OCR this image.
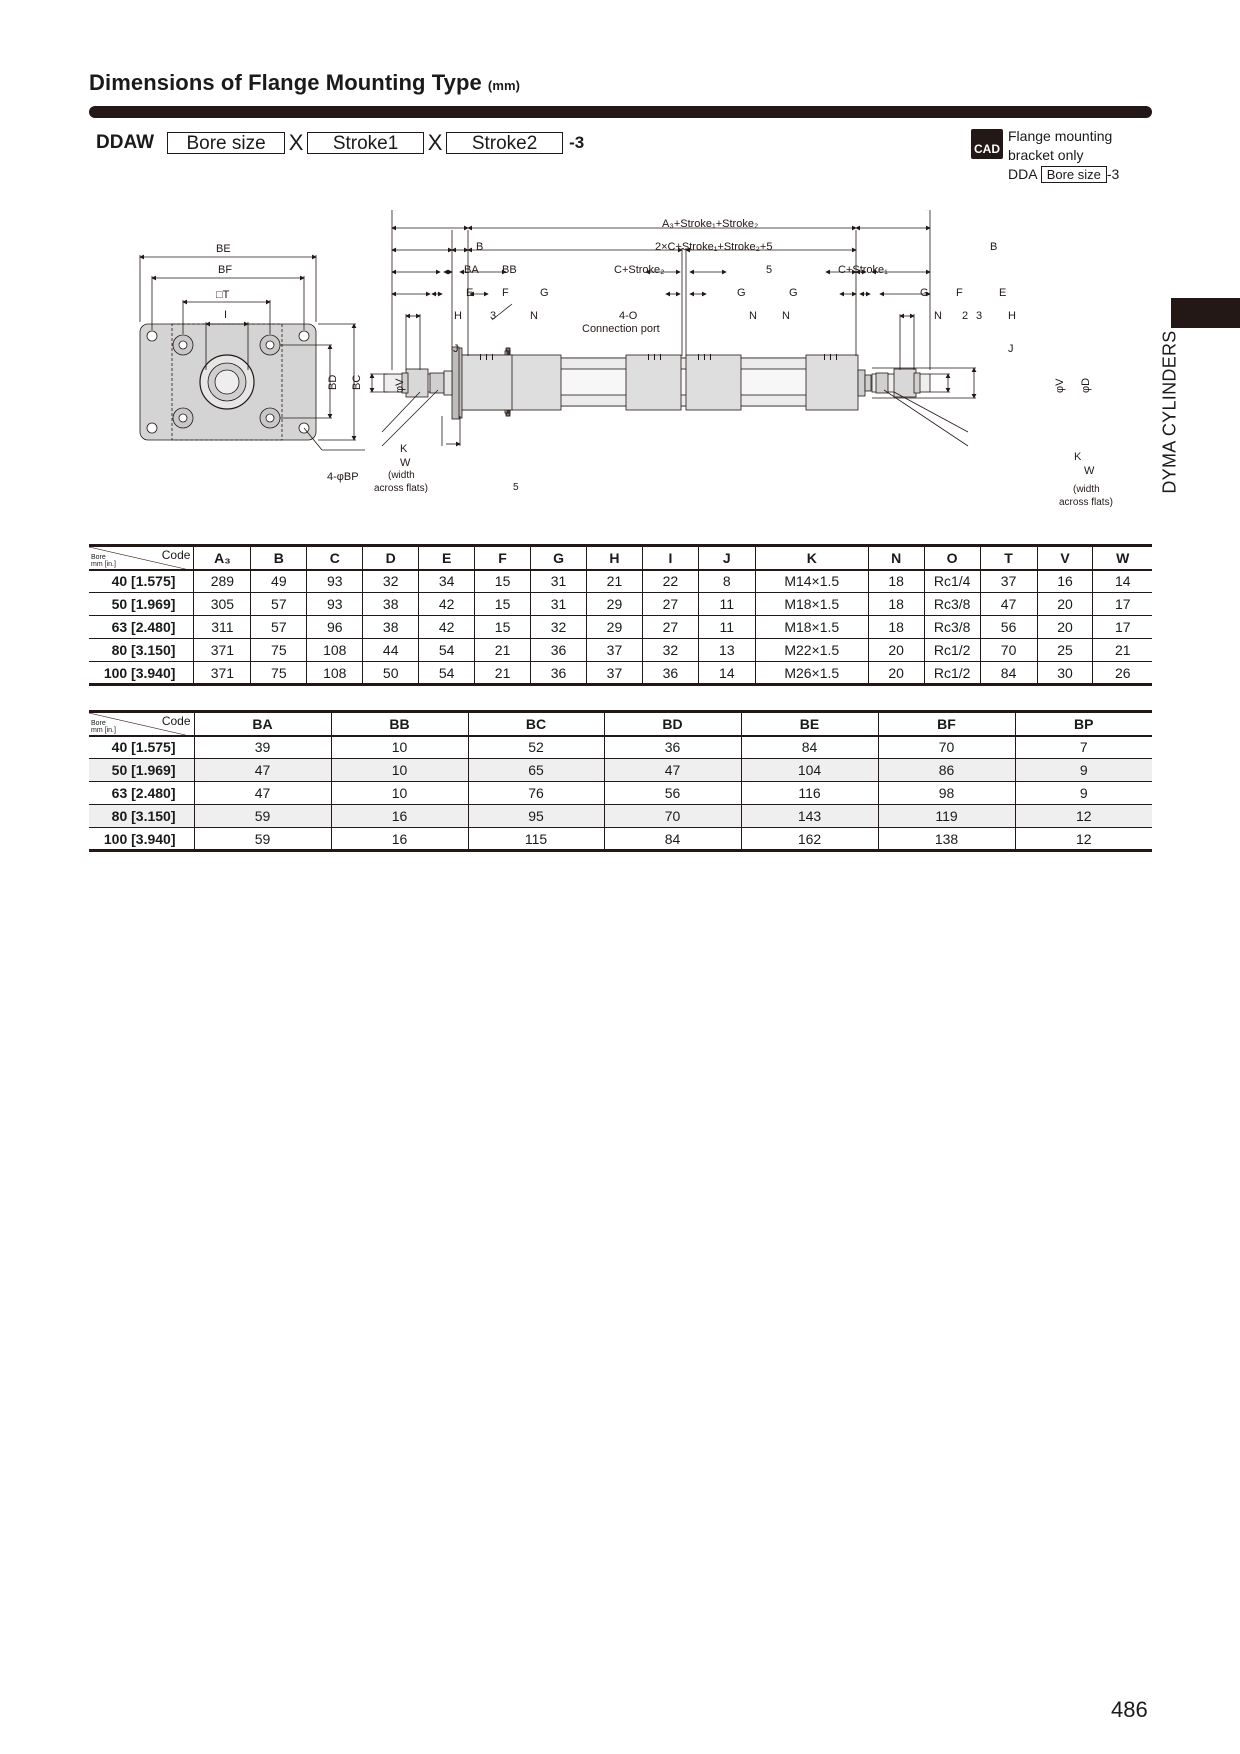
Dimensions of Flange Mounting Type (mm)
DDAW	Bore size	X	Stroke1	X	Stroke2	-3	CAD
Flange mounting
bracket only
DDA Bore size -3
DYMA CYLINDERS
BE
BF
□T
I
BD BC
4-φBP
A₃+Stroke₁+Stroke₂
2×C+Stroke₁+Stroke₂+5
B	B
BA BB	C+Stroke₂	5	C+Stroke₁
E	F	G	G	G	G F	E
H	3	N	N N	N 2 3 H
4-O
Connection port
J	J
φV	φV φD
K
W	K
W
(width
across flats)	(width
across flats)
5
Code
Bore
mm [in.]	A₃	B	C	D	E	F	G	H	I	J	K	N	O	T	V	W
40 [1.575]	289	49	93	32	34	15	31	21	22	8	M14×1.5	18	Rc1/4	37	16	14
50 [1.969]	305	57	93	38	42	15	31	29	27	11	M18×1.5	18	Rc3/8	47	20	17
63 [2.480]	311	57	96	38	42	15	32	29	27	11	M18×1.5	18	Rc3/8	56	20	17
80 [3.150]	371	75	108	44	54	21	36	37	32	13	M22×1.5	20	Rc1/2	70	25	21
100 [3.940]	371	75	108	50	54	21	36	37	36	14	M26×1.5	20	Rc1/2	84	30	26
Code
Bore
mm [in.]	BA	BB	BC	BD	BE	BF	BP
40 [1.575]	39	10	52	36	84	70	7
50 [1.969]	47	10	65	47	104	86	9
63 [2.480]	47	10	76	56	116	98	9
80 [3.150]	59	16	95	70	143	119	12
100 [3.940]	59	16	115	84	162	138	12
486
